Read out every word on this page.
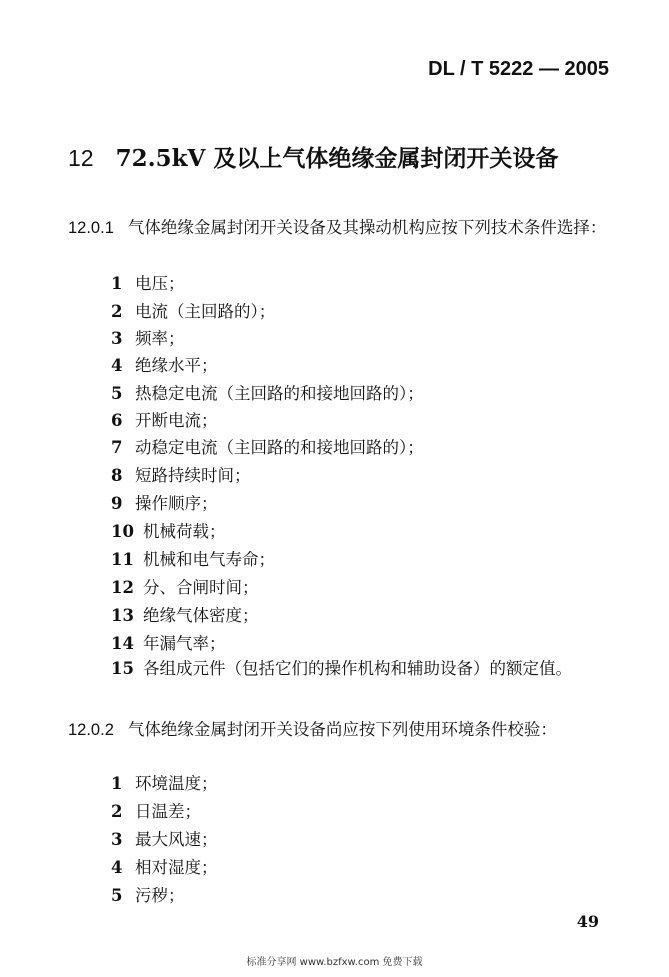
DL / T 5222 — 2005
12 72.5kV 及以上气体绝缘金属封闭开关设备
12.0.1 气体绝缘金属封闭开关设备及其操动机构应按下列技术条件选择：
1 电压；
2 电流（主回路的）；
3 频率；
4 绝缘水平；
5 热稳定电流（主回路的和接地回路的）；
6 开断电流；
7 动稳定电流（主回路的和接地回路的）；
8 短路持续时间；
9 操作顺序；
10 机械荷载；
11 机械和电气寿命；
12 分、合闸时间；
13 绝缘气体密度；
14 年漏气率；
15 各组成元件（包括它们的操作机构和辅助设备）的额定值。
12.0.2 气体绝缘金属封闭开关设备尚应按下列使用环境条件校验：
1 环境温度；
2 日温差；
3 最大风速；
4 相对湿度；
5 污秽；
49
标准分享网 www.bzfxw.com 免费下载
